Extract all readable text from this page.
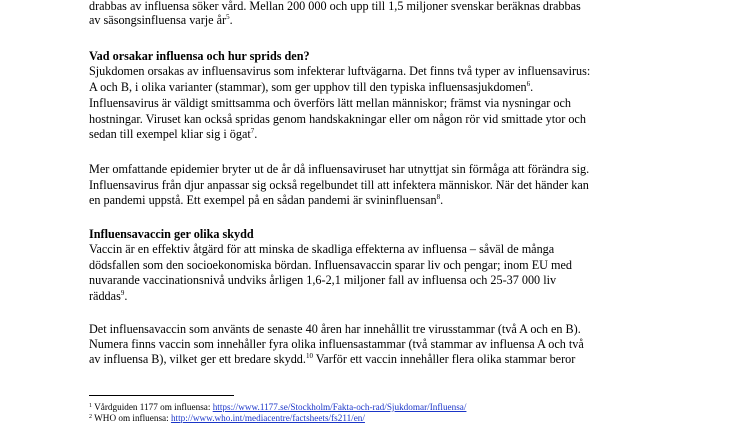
drabbas av influensa söker vård. Mellan 200 000 och upp till 1,5 miljoner svenskar beräknas drabbas
av säsongsinfluensa varje $år^5$.
Vad orsakar influensa och hur sprids den?
Sjukdomen orsakas av influensavirus som infekterar luftvägarna. Det finns två typer av influensavirus:
A och B, i olika varianter (stammar), som ger upphov till den typiska influensasjukdomen$^6$.
Influensavirus är väldigt smittsamma och överförs lätt mellan människor; främst via nysningar och
hostningar. Viruset kan också spridas genom handskakningar eller om någon rör vid smittade ytor och
sedan till exempel kliar sig i ögat$^7$.
Mer omfattande epidemier bryter ut de år då influensaviruset har utnyttjat sin förmåga att förändra sig.
Influensavirus från djur anpassar sig också regelbundet till att infektera människor. När det händer kan
en pandemi uppstå. Ett exempel på en sådan pandemi är svininfluensan$^8$.
Influensavaccin ger olika skydd
Vaccin är en effektiv åtgärd för att minska de skadliga effekterna av influensa – såväl de många
dödsfallen som den socioekonomiska bördan. Influensavaccin sparar liv och pengar; inom EU med
nuvarande vaccinationsnivå undviks årligen 1,6-2,1 miljoner fall av influensa och 25-37 000 liv
räddas$^9$.
Det influensavaccin som använts de senaste 40 åren har innehållit tre virusstammar (två A och en B).
Numera finns vaccin som innehåller fyra olika influensastammar (två stammar av influensa A och två
av influensa B), vilket ger ett bredare skydd.$^{10}$ Varför ett vaccin innehåller flera olika stammar beror
$^1$ Vårdguiden 1177 om influensa: https://www.1177.se/Stockholm/Fakta-och-rad/Sjukdomar/Influensa/
$^2$ WHO om influensa: http://www.who.int/mediacentre/factsheets/fs211/en/
